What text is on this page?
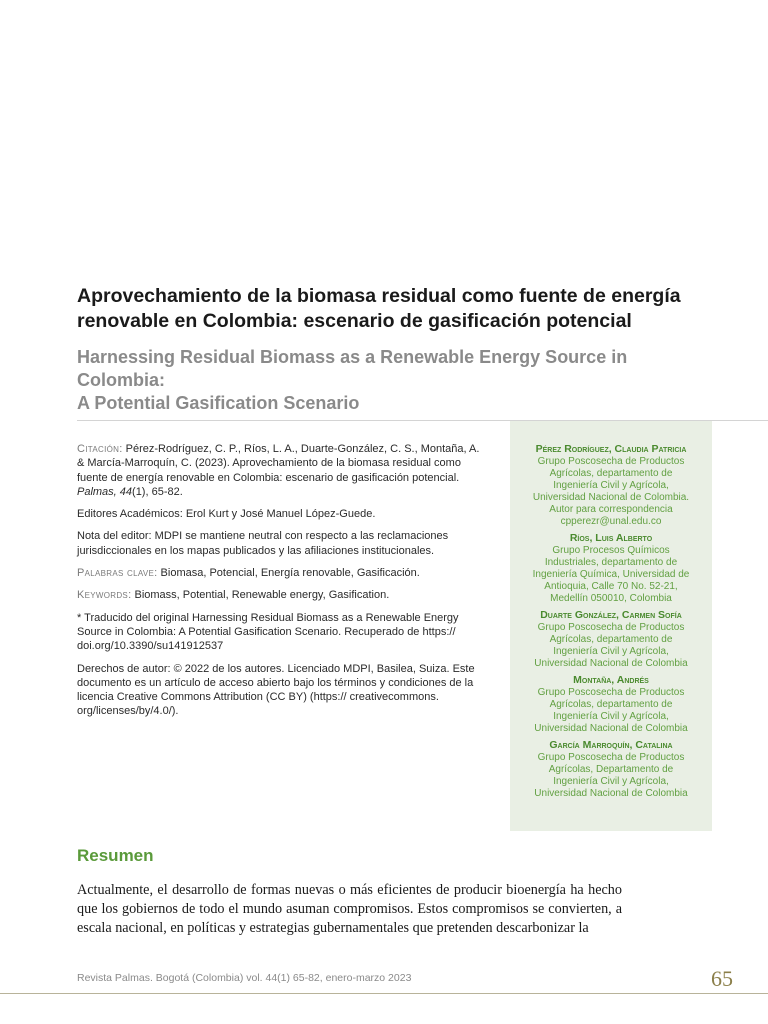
Aprovechamiento de la biomasa residual como fuente de energía
renovable en Colombia: escenario de gasificación potencial
Harnessing Residual Biomass as a Renewable Energy Source in Colombia:
A Potential Gasification Scenario

Citación: Pérez-Rodríguez, C. P., Ríos, L. A., Duarte-González, C. S., Montaña, A. & Marcía-Marroquín, C. (2023). Aprovechamiento de la biomasa residual como fuente de energía renovable en Colombia: escenario de gasificación potencial. Palmas, 44(1), 65-82.

Editores Académicos: Erol Kurt y José Manuel López-Guede.

Nota del editor: MDPI se mantiene neutral con respecto a las reclamaciones jurisdiccionales en los mapas publicados y las afiliaciones institucionales.

Palabras clave: Biomasa, Potencial, Energía renovable, Gasificación.

Keywords: Biomass, Potential, Renewable energy, Gasification.

* Traducido del original Harnessing Residual Biomass as a Renewable Energy Source in Colombia: A Potential Gasification Scenario. Recuperado de https:// doi.org/10.3390/su141912537

Derechos de autor: © 2022 de los autores. Licenciado MDPI, Basilea, Suiza. Este documento es un artículo de acceso abierto bajo los términos y condiciones de la licencia Creative Commons Attribution (CC BY) (https:// creativecommons. org/licenses/by/4.0/).

Pérez Rodríguez, Claudia Patricia
Grupo Poscosecha de Productos Agrícolas, departamento de Ingeniería Civil y Agrícola, Universidad Nacional de Colombia. Autor para correspondencia cpperezr@unal.edu.co
Ríos, Luis Alberto
Grupo Procesos Químicos Industriales, departamento de Ingeniería Química, Universidad de Antioquia, Calle 70 No. 52-21, Medellín 050010, Colombia
Duarte González, Carmen Sofía
Grupo Poscosecha de Productos Agrícolas, departamento de Ingeniería Civil y Agrícola, Universidad Nacional de Colombia
Montaña, Andrés
Grupo Poscosecha de Productos Agrícolas, departamento de Ingeniería Civil y Agrícola, Universidad Nacional de Colombia
García Marroquín, Catalina
Grupo Poscosecha de Productos Agrícolas, Departamento de Ingeniería Civil y Agrícola, Universidad Nacional de Colombia
Resumen

Actualmente, el desarrollo de formas nuevas o más eficientes de producir bioenergía ha hecho que los gobiernos de todo el mundo asuman compromisos. Estos compromisos se convierten, a escala nacional, en políticas y estrategias gubernamentales que pretenden descarbonizar la

Revista Palmas. Bogotá (Colombia) vol. 44(1) 65-82, enero-marzo 2023	65
